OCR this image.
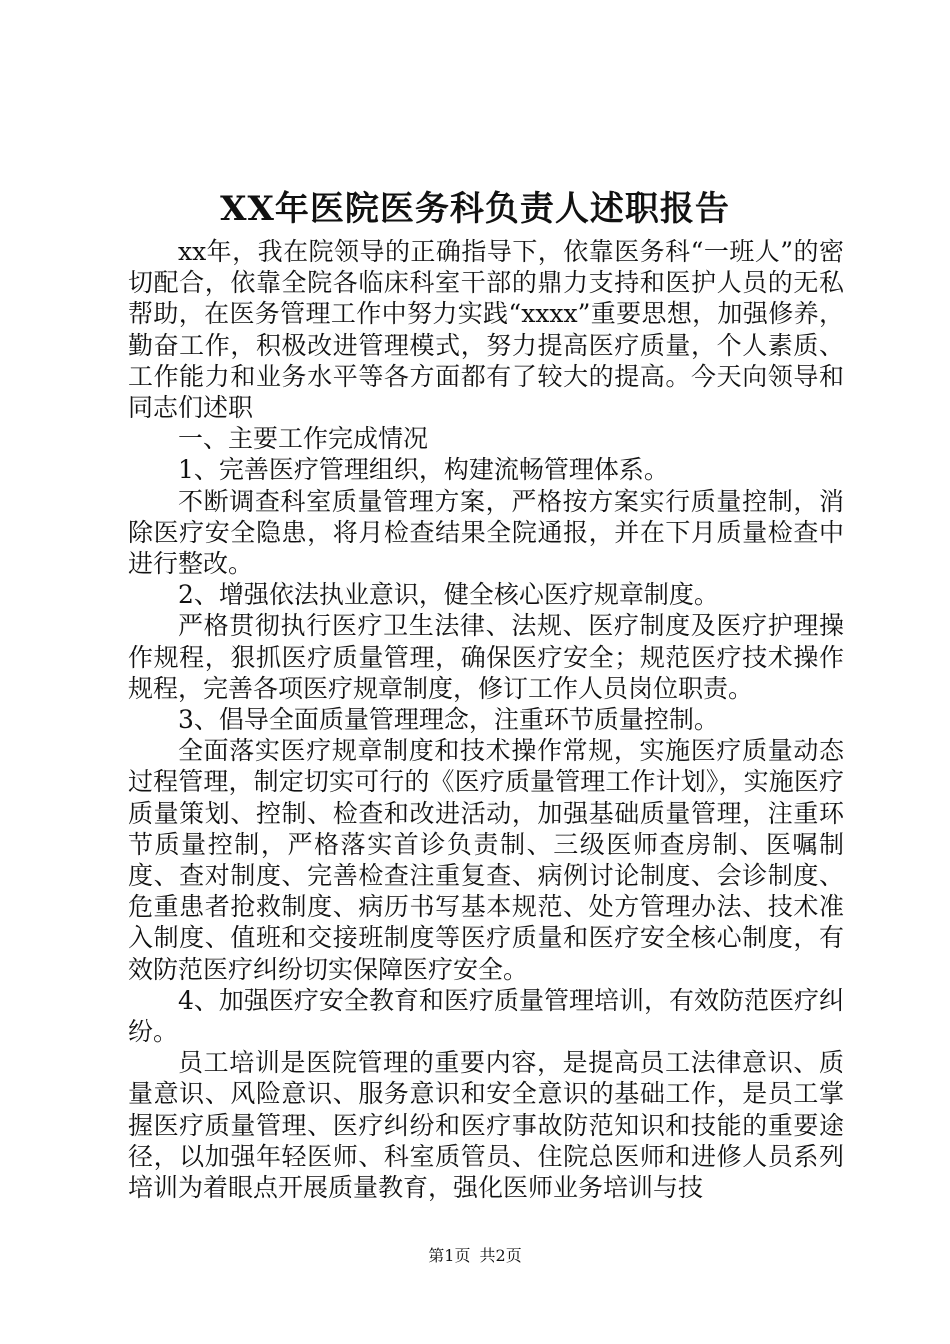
XX年医院医务科负责人述职报告

xx年，我在院领导的正确指导下，依靠医务科“一班人”的密切配合，依靠全院各临床科室干部的鼎力支持和医护人员的无私帮助，在医务管理工作中努力实践“xxxx”重要思想，加强修养，勤奋工作，积极改进管理模式，努力提高医疗质量，个人素质、工作能力和业务水平等各方面都有了较大的提高。今天向领导和同志们述职

一、主要工作完成情况

1、完善医疗管理组织，构建流畅管理体系。

不断调查科室质量管理方案，严格按方案实行质量控制，消除医疗安全隐患，将月检查结果全院通报，并在下月质量检查中进行整改。

2、增强依法执业意识，健全核心医疗规章制度。

严格贯彻执行医疗卫生法律、法规、医疗制度及医疗护理操作规程，狠抓医疗质量管理，确保医疗安全；规范医疗技术操作规程，完善各项医疗规章制度，修订工作人员岗位职责。

3、倡导全面质量管理理念，注重环节质量控制。

全面落实医疗规章制度和技术操作常规，实施医疗质量动态过程管理，制定切实可行的《医疗质量管理工作计划》，实施医疗质量策划、控制、检查和改进活动，加强基础质量管理，注重环节质量控制，严格落实首诊负责制、三级医师查房制、医嘱制度、查对制度、完善检查注重复查、病例讨论制度、会诊制度、危重患者抢救制度、病历书写基本规范、处方管理办法、技术准入制度、值班和交接班制度等医疗质量和医疗安全核心制度，有效防范医疗纠纷切实保障医疗安全。

4、加强医疗安全教育和医疗质量管理培训，有效防范医疗纠纷。

员工培训是医院管理的重要内容，是提高员工法律意识、质量意识、风险意识、服务意识和安全意识的基础工作，是员工掌握医疗质量管理、医疗纠纷和医疗事故防范知识和技能的重要途径，以加强年轻医师、科室质管员、住院总医师和进修人员系列培训为着眼点开展质量教育，强化医师业务培训与技

第1页 共2页
